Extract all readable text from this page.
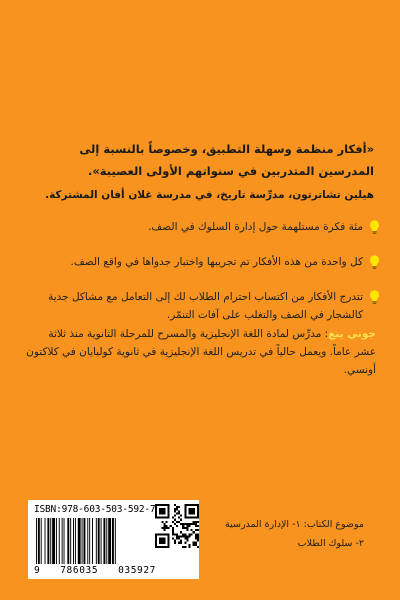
«أفكار منظمة وسهلة التطبيق، وخصوصاً بالنسبة إلى المدرسين المتدربين في سنواتهم الأولى العصيبة».
هيلين تشاترتون، مدرِّسة تاريخ، في مدرسة غلان أفان المشتركة.
مئة فكرة مستلهمة حول إدارة السلوك في الصف.
كل واحدة من هذه الأفكار تم تجريبها واختبار جدواها في واقع الصف.
تتدرج الأفكار من اكتساب احترام الطلاب لك إلى التعامل مع مشاكل جدية كالشجار في الصف والتغلب على آفات التنمّر.
جوني ينغ: مدرِّس لمادة اللغة الإنجليزية والمسرح للمرحلة الثانوية منذ ثلاثة عشر عاماً. ويعمل حالياً في تدريس اللغة الإنجليزية في ثانوية كولبايان في كلاكتون أونسي.
ISBN:978-603-503-592-7
9 786035 035927
موضوع الكتاب: ١- الإدارة المدرسية
٢- سلوك الطلاب
